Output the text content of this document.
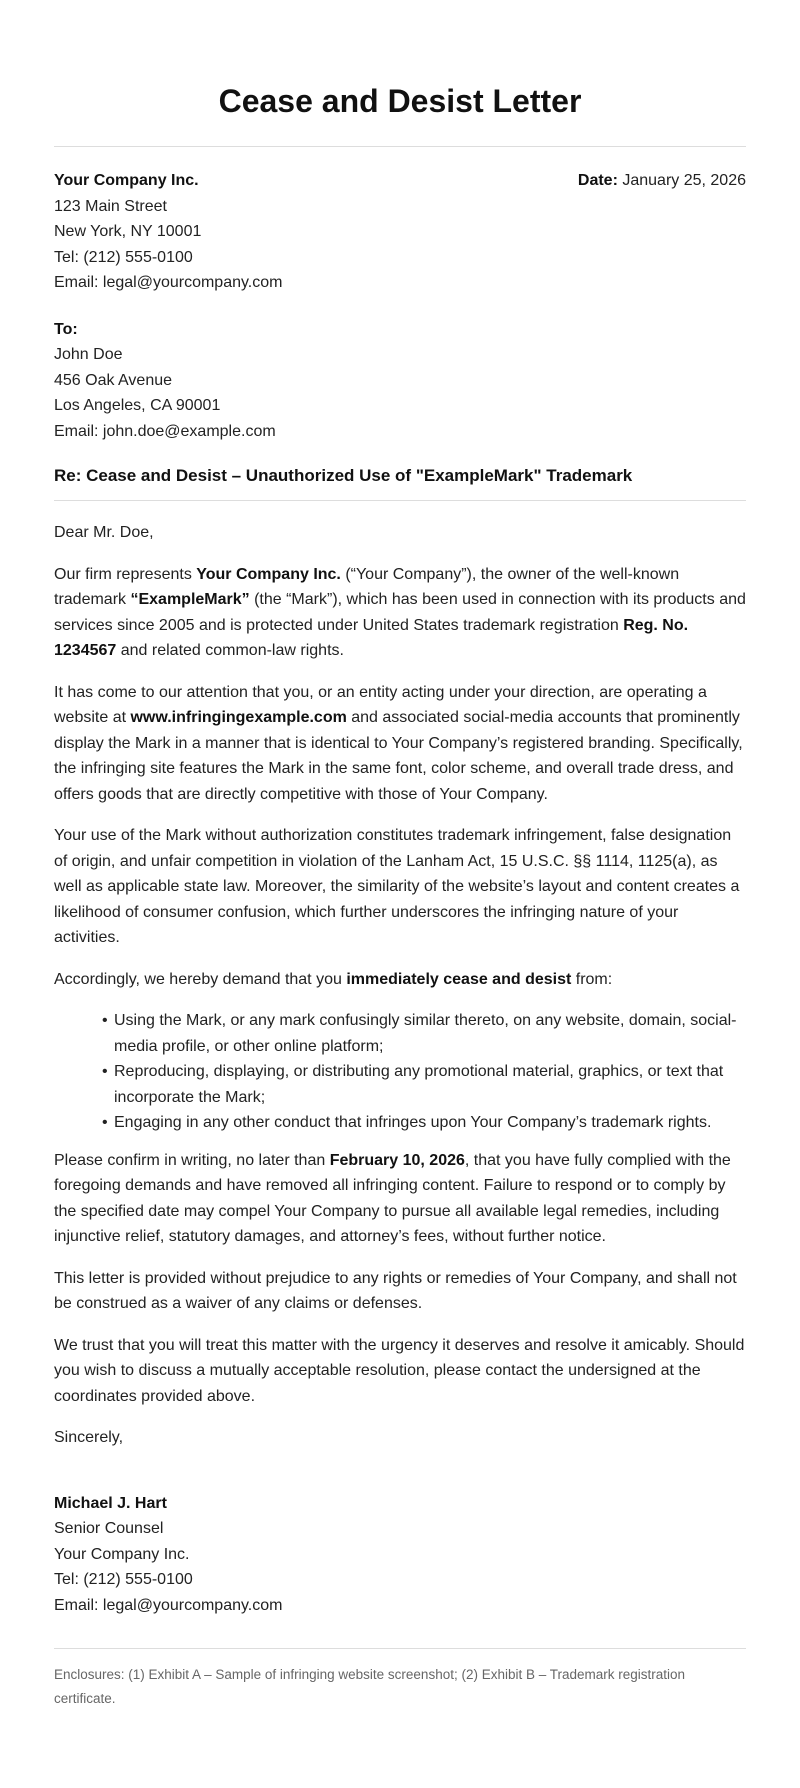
Cease and Desist Letter
Your Company Inc.
123 Main Street
New York, NY 10001
Tel: (212) 555-0100
Email: legal@yourcompany.com
Date: January 25, 2026
To:
John Doe
456 Oak Avenue
Los Angeles, CA 90001
Email: john.doe@example.com
Re: Cease and Desist – Unauthorized Use of "ExampleMark" Trademark

Dear Mr. Doe,

Our firm represents Your Company Inc. (“Your Company”), the owner of the well-known trademark “ExampleMark” (the “Mark”), which has been used in connection with its products and services since 2005 and is protected under United States trademark registration Reg. No. 1234567 and related common-law rights.

It has come to our attention that you, or an entity acting under your direction, are operating a website at www.infringingexample.com and associated social-media accounts that prominently display the Mark in a manner that is identical to Your Company’s registered branding. Specifically, the infringing site features the Mark in the same font, color scheme, and overall trade dress, and offers goods that are directly competitive with those of Your Company.

Your use of the Mark without authorization constitutes trademark infringement, false designation of origin, and unfair competition in violation of the Lanham Act, 15 U.S.C. §§ 1114, 1125(a), as well as applicable state law. Moreover, the similarity of the website’s layout and content creates a likelihood of consumer confusion, which further underscores the infringing nature of your activities.

Accordingly, we hereby demand that you immediately cease and desist from:

• Using the Mark, or any mark confusingly similar thereto, on any website, domain, social-media profile, or other online platform;
• Reproducing, displaying, or distributing any promotional material, graphics, or text that incorporate the Mark;
• Engaging in any other conduct that infringes upon Your Company’s trademark rights.

Please confirm in writing, no later than February 10, 2026, that you have fully complied with the foregoing demands and have removed all infringing content. Failure to respond or to comply by the specified date may compel Your Company to pursue all available legal remedies, including injunctive relief, statutory damages, and attorney’s fees, without further notice.

This letter is provided without prejudice to any rights or remedies of Your Company, and shall not be construed as a waiver of any claims or defenses.

We trust that you will treat this matter with the urgency it deserves and resolve it amicably. Should you wish to discuss a mutually acceptable resolution, please contact the undersigned at the coordinates provided above.

Sincerely,

Michael J. Hart
Senior Counsel
Your Company Inc.
Tel: (212) 555-0100
Email: legal@yourcompany.com
Enclosures: (1) Exhibit A – Sample of infringing website screenshot; (2) Exhibit B – Trademark registration certificate.
